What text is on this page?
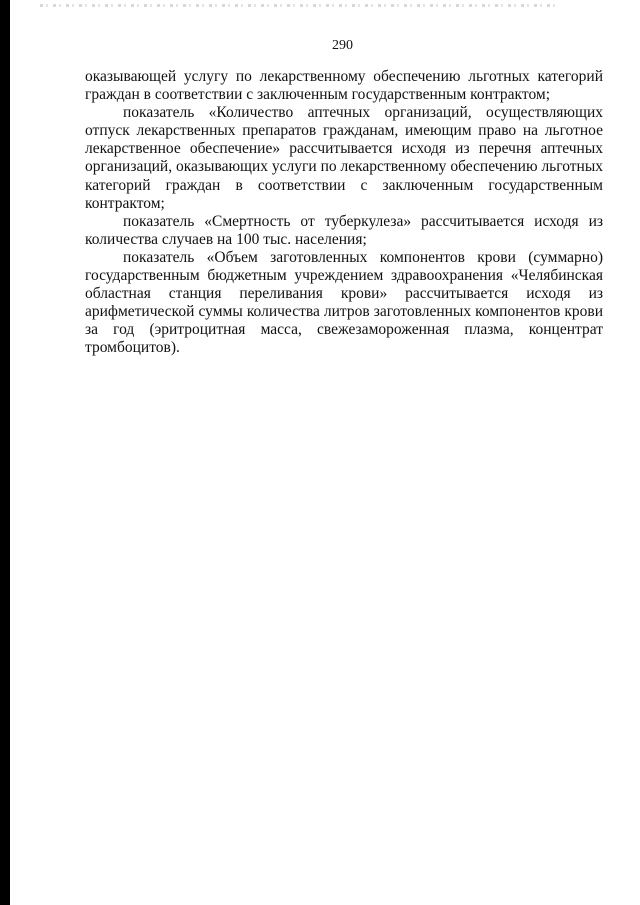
290

оказывающей услугу по лекарственному обеспечению льготных категорий граждан в соответствии с заключенным государственным контрактом;

показатель «Количество аптечных организаций, осуществляющих отпуск лекарственных препаратов гражданам, имеющим право на льготное лекарственное обеспечение» рассчитывается исходя из перечня аптечных организаций, оказывающих услуги по лекарственному обеспечению льготных категорий граждан в соответствии с заключенным государственным контрактом;

показатель «Смертность от туберкулеза» рассчитывается исходя из количества случаев на 100 тыс. населения;

показатель «Объем заготовленных компонентов крови (суммарно) государственным бюджетным учреждением здравоохранения «Челябинская областная станция переливания крови» рассчитывается исходя из арифметической суммы количества литров заготовленных компонентов крови за год (эритроцитная масса, свежезамороженная плазма, концентрат тромбоцитов).
